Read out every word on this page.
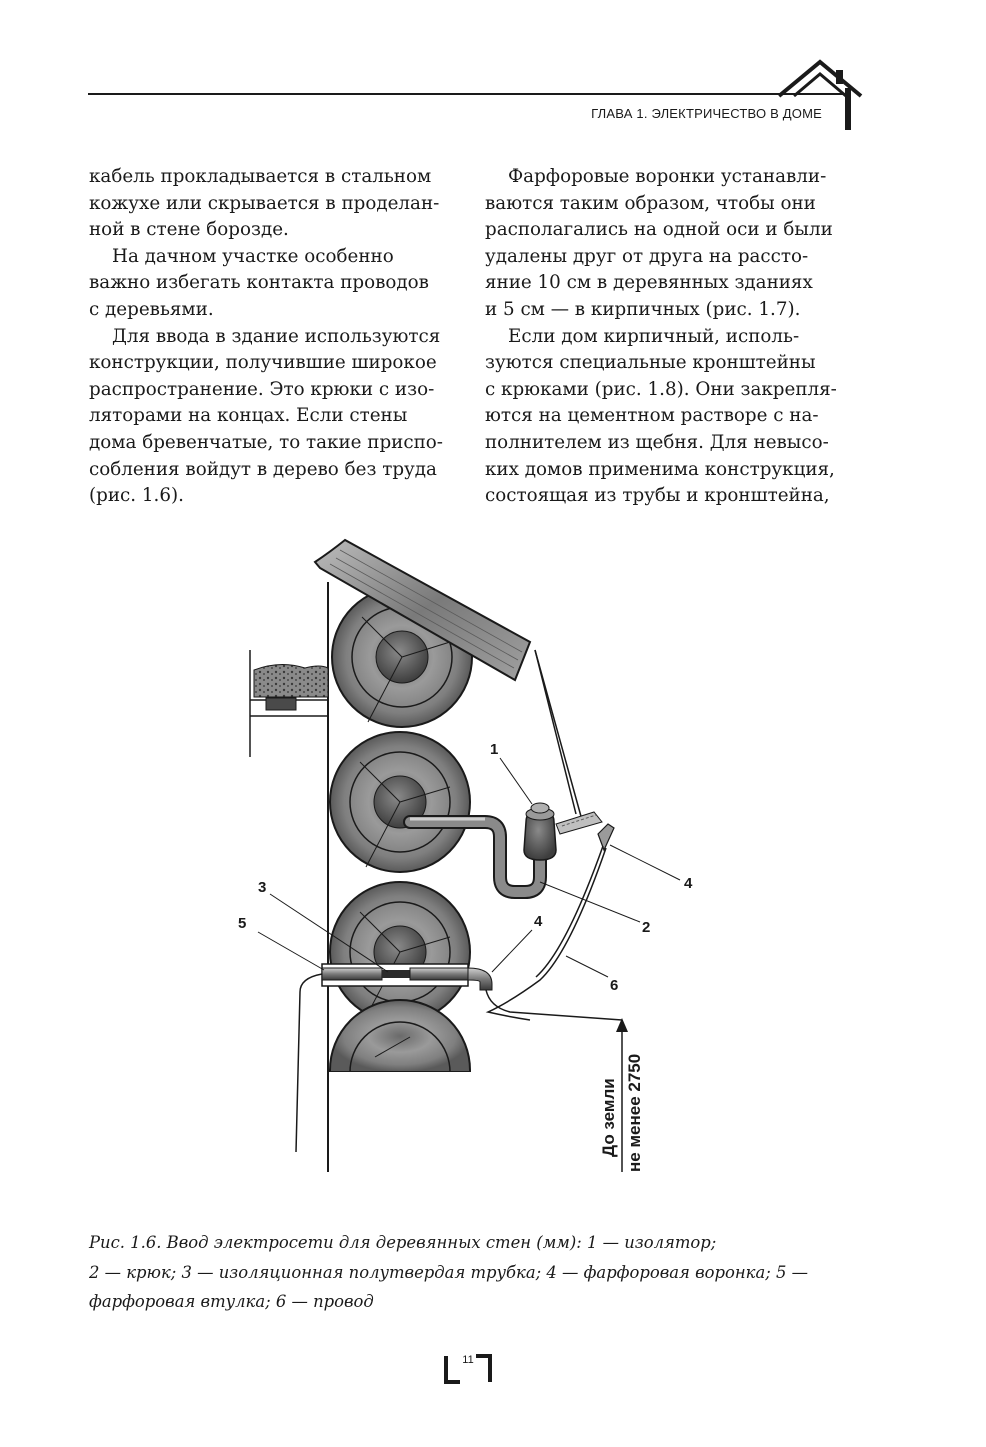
ГЛАВА 1. ЭЛЕКТРИЧЕСТВО В ДОМЕ

кабель прокладывается в стальном
кожухе или скрывается в проделан-
ной в стене борозде.

На дачном участке особенно
важно избегать контакта проводов
с деревьями.

Для ввода в здание используются
конструкции, получившие широкое
распространение. Это крюки с изо-
ляторами на концах. Если стены
дома бревенчатые, то такие приспо-
собления войдут в дерево без труда
(рис. 1.6).

Фарфоровые воронки устанавли-
ваются таким образом, чтобы они
располагались на одной оси и были
удалены друг от друга на рассто-
яние 10 см в деревянных зданиях
и 5 см — в кирпичных (рис. 1.7).

Если дом кирпичный, исполь-
зуются специальные кронштейны
с крюками (рис. 1.8). Они закрепля-
ются на цементном растворе с на-
полнителем из щебня. Для невысо-
ких домов применима конструкция,
состоящая из трубы и кронштейна,

До земли не менее 2750
1
2
3	4
4
5
6
Рис. 1.6. Ввод электросети для деревянных стен (мм): 1 — изолятор;
2 — крюк; 3 — изоляционная полутвердая трубка; 4 — фарфоровая воронка; 5 —
фарфоровая втулка; 6 — провод
11
